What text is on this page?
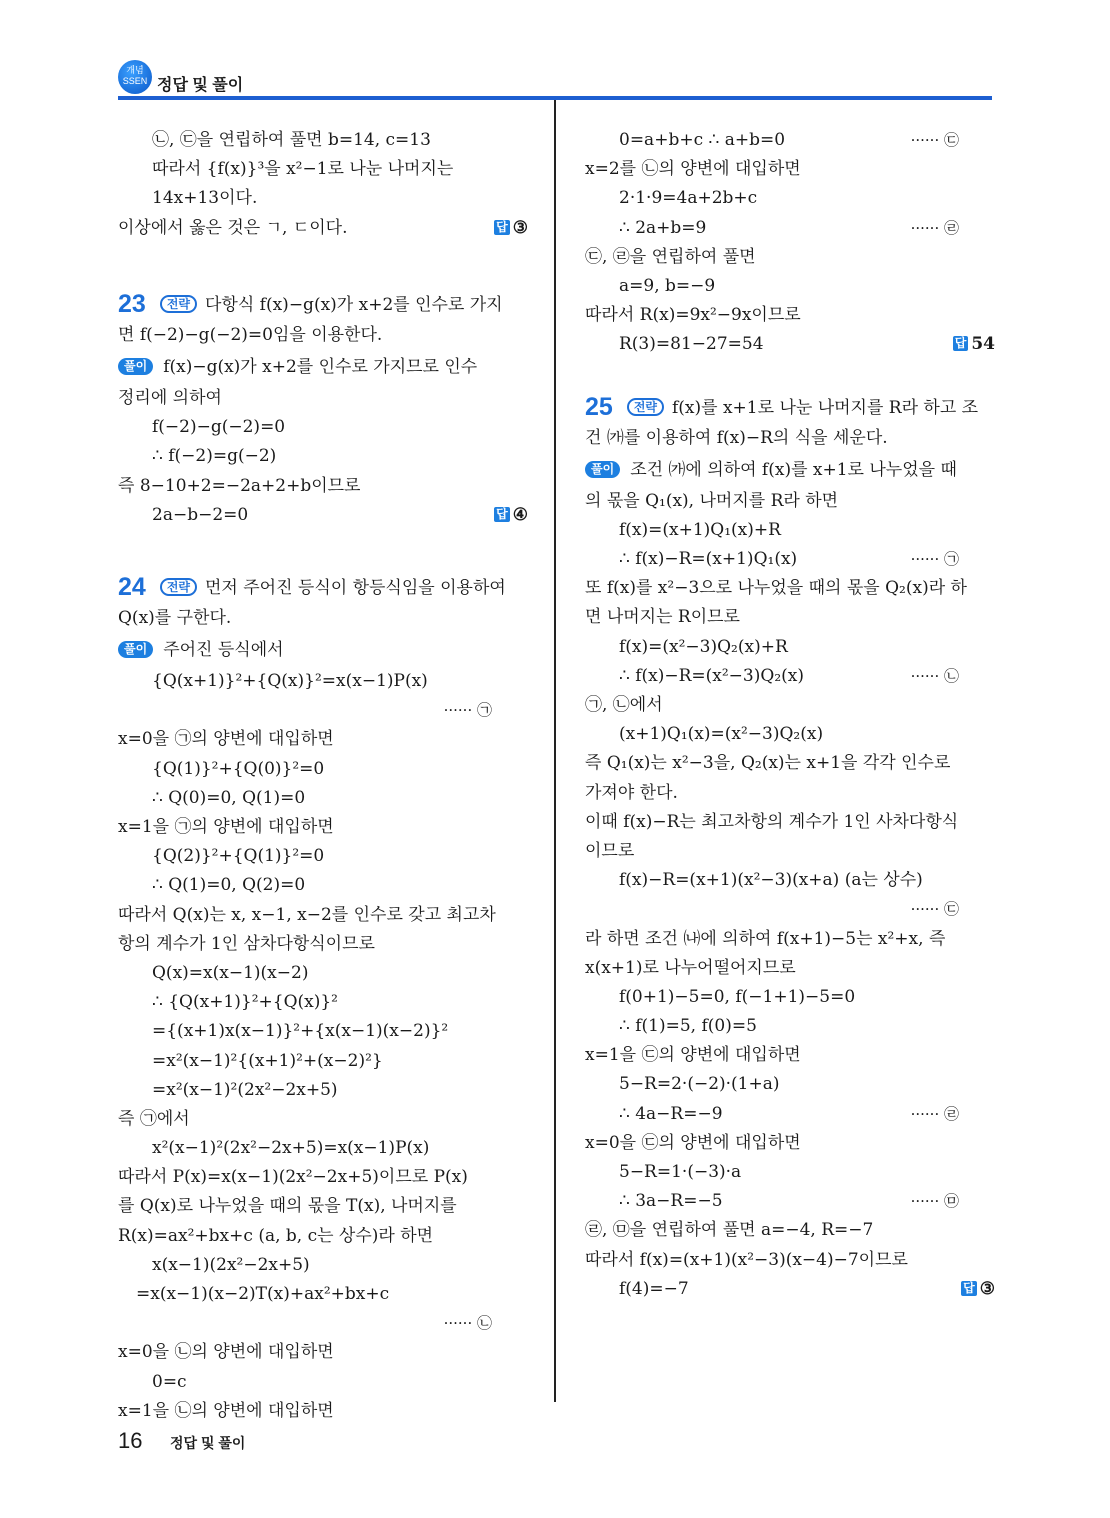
개념
SSEN 정답 및 풀이
㉡, ㉢을 연립하여 풀면 b=14, c=13
따라서 {f(x)}³을 x²−1로 나눈 나머지는
14x+13이다.
이상에서 옳은 것은 ㄱ, ㄷ이다.	답 ③
23 전략 다항식 f(x)−g(x)가 x+2를 인수로 가지
면 f(−2)−g(−2)=0임을 이용한다.
풀이 f(x)−g(x)가 x+2를 인수로 가지므로 인수
정리에 의하여
f(−2)−g(−2)=0
∴ f(−2)=g(−2)
즉 8−10+2=−2a+2+b이므로
2a−b−2=0	답 ④
24 전략 먼저 주어진 등식이 항등식임을 이용하여
Q(x)를 구한다.
풀이 주어진 등식에서
{Q(x+1)}²+{Q(x)}²=x(x−1)P(x)
······ ㉠
x=0을 ㉠의 양변에 대입하면
{Q(1)}²+{Q(0)}²=0
∴ Q(0)=0, Q(1)=0
x=1을 ㉠의 양변에 대입하면
{Q(2)}²+{Q(1)}²=0
∴ Q(1)=0, Q(2)=0
따라서 Q(x)는 x, x−1, x−2를 인수로 갖고 최고차
항의 계수가 1인 삼차다항식이므로
Q(x)=x(x−1)(x−2)
∴ {Q(x+1)}²+{Q(x)}²
={(x+1)x(x−1)}²+{x(x−1)(x−2)}²
=x²(x−1)²{(x+1)²+(x−2)²}
=x²(x−1)²(2x²−2x+5)
즉 ㉠에서
x²(x−1)²(2x²−2x+5)=x(x−1)P(x)
따라서 P(x)=x(x−1)(2x²−2x+5)이므로 P(x)
를 Q(x)로 나누었을 때의 몫을 T(x), 나머지를
R(x)=ax²+bx+c (a, b, c는 상수)라 하면
x(x−1)(2x²−2x+5)
=x(x−1)(x−2)T(x)+ax²+bx+c
······ ㉡
x=0을 ㉡의 양변에 대입하면
0=c
x=1을 ㉡의 양변에 대입하면
0=a+b+c ∴ a+b=0	······ ㉢
x=2를 ㉡의 양변에 대입하면
2·1·9=4a+2b+c
∴ 2a+b=9	······ ㉣
㉢, ㉣을 연립하여 풀면
a=9, b=−9
따라서 R(x)=9x²−9x이므로
R(3)=81−27=54	답 54
25 전략 f(x)를 x+1로 나눈 나머지를 R라 하고 조
건 ㈎를 이용하여 f(x)−R의 식을 세운다.
풀이 조건 ㈎에 의하여 f(x)를 x+1로 나누었을 때
의 몫을 Q₁(x), 나머지를 R라 하면
f(x)=(x+1)Q₁(x)+R
∴ f(x)−R=(x+1)Q₁(x)	······ ㉠
또 f(x)를 x²−3으로 나누었을 때의 몫을 Q₂(x)라 하
면 나머지는 R이므로
f(x)=(x²−3)Q₂(x)+R
∴ f(x)−R=(x²−3)Q₂(x)	······ ㉡
㉠, ㉡에서
(x+1)Q₁(x)=(x²−3)Q₂(x)
즉 Q₁(x)는 x²−3을, Q₂(x)는 x+1을 각각 인수로
가져야 한다.
이때 f(x)−R는 최고차항의 계수가 1인 사차다항식
이므로
f(x)−R=(x+1)(x²−3)(x+a) (a는 상수)
······ ㉢
라 하면 조건 ㈏에 의하여 f(x+1)−5는 x²+x, 즉
x(x+1)로 나누어떨어지므로
f(0+1)−5=0, f(−1+1)−5=0
∴ f(1)=5, f(0)=5
x=1을 ㉢의 양변에 대입하면
5−R=2·(−2)·(1+a)
∴ 4a−R=−9	······ ㉣
x=0을 ㉢의 양변에 대입하면
5−R=1·(−3)·a
∴ 3a−R=−5	······ ㉤
㉣, ㉤을 연립하여 풀면 a=−4, R=−7
따라서 f(x)=(x+1)(x²−3)(x−4)−7이므로
f(4)=−7	답 ③
16 정답 및 풀이
